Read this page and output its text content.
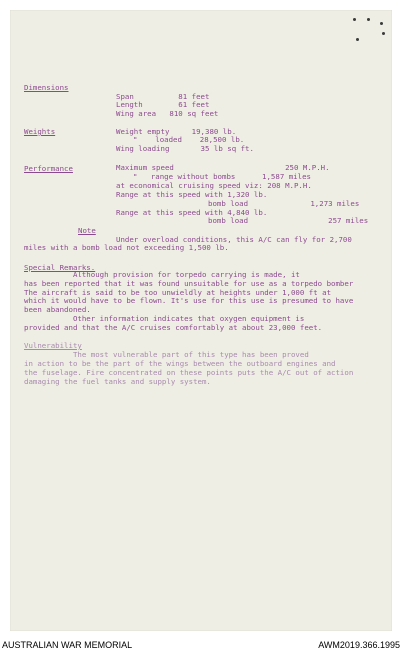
Dimensions
Span          81 feet
Length        61 feet
Wing area   810 sq feet
Weights	Weight empty     19,380 lb.
"    loaded    28,500 lb.
Wing loading       35 lb sq ft.
Performance	Maximum speed                         250 M.P.H.
"   range without bombs      1,587 miles
at economical cruising speed viz: 208 M.P.H.
Range at this speed with 1,320 lb.
bomb load              1,273 miles
Range at this speed with 4,840 lb.
bomb load                  257 miles
Note
Under overload conditions, this A/C can fly for 2,700
miles with a bomb load not exceeding 1,500 lb.
Special Remarks.
Although provision for torpedo carrying is made, it
has been reported that it was found unsuitable for use as a torpedo bomber
The aircraft is said to be too unwieldly at heights under 1,000 ft at
which it would have to be flown. It's use for this use is presumed to have
been abandoned.
Other information indicates that oxygen equipment is
provided and that the A/C cruises comfortably at about 23,000 feet.
Vulnerability
The most vulnerable part of this type has been proved
in action to be the part of the wings between the outboard engines and
the fuselage. Fire concentrated on these points puts the A/C out of action
damaging the fuel tanks and supply system.
AUSTRALIAN WAR MEMORIAL	AWM2019.366.1995
